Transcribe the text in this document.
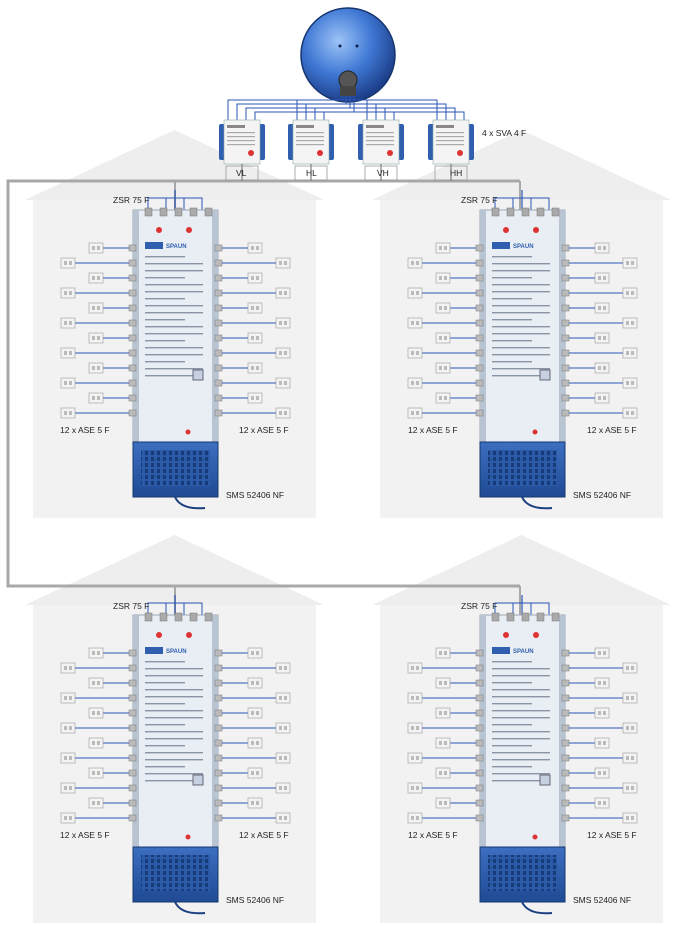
SPAUN	SPAUN
SPAUN	SPAUN
4 x SVA 4 F
VL	HL	VH	HH
ZSR 75 F	ZSR 75 F
ZSR 75 F	ZSR 75 F
12 x ASE 5 F	12 x ASE 5 F	12 x ASE 5 F	12 x ASE 5 F
12 x ASE 5 F	12 x ASE 5 F	12 x ASE 5 F	12 x ASE 5 F
SMS 52406 NF	SMS 52406 NF
SMS 52406 NF	SMS 52406 NF
